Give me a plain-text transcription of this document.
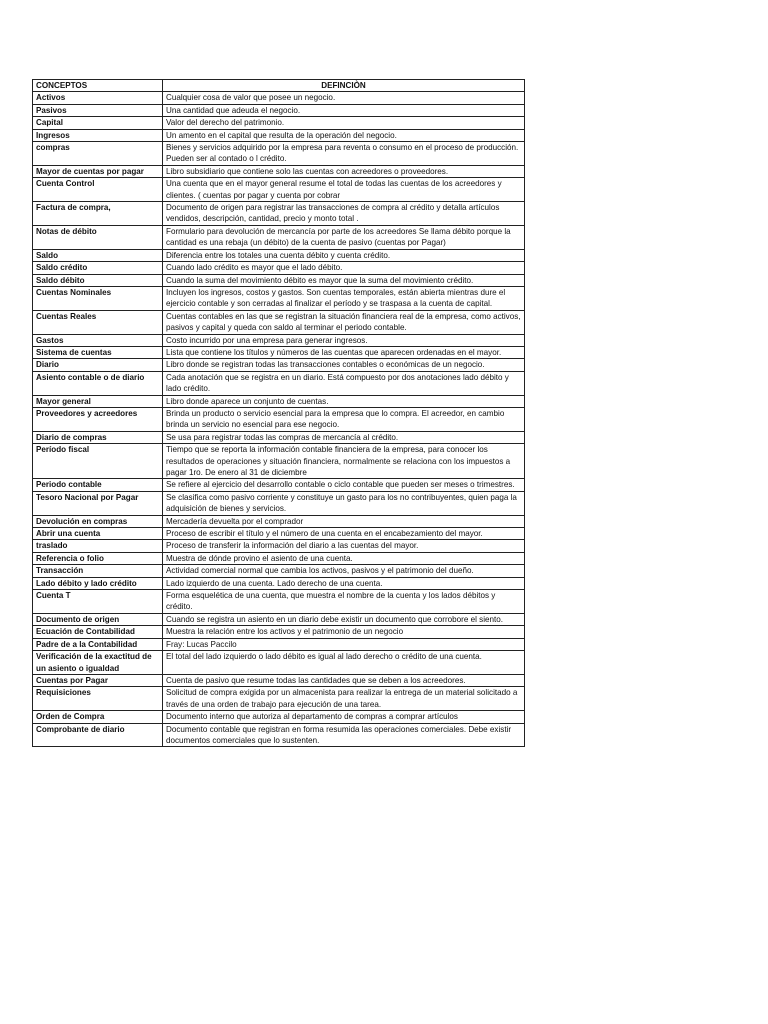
CONCEPTOS	DEFINCIÒN
Activos	Cualquier cosa de valor que posee un negocio.
Pasivos	Una cantidad que adeuda el negocio.
Capital	Valor del derecho del patrimonio.
Ingresos	Un amento en el capital que resulta de la operación del negocio.
compras	Bienes y servicios adquirido por la empresa para reventa o consumo en el proceso de producción. Pueden ser al contado o l crédito.
Mayor de cuentas por pagar	Libro subsidiario que contiene solo las cuentas con acreedores o proveedores.
Cuenta Control	Una cuenta que en el mayor general resume el total de todas las cuentas de los acreedores y clientes. ( cuentas por pagar y cuenta por cobrar
Factura de compra,	Documento de origen para registrar las transacciones de compra al crédito y detalla artículos vendidos, descripción, cantidad, precio y monto total .
Notas de débito	Formulario para devolución de mercancía por parte de los acreedores Se llama débito porque la cantidad es una rebaja (un débito) de la cuenta de pasivo (cuentas por Pagar)
Saldo	Diferencia entre los totales una cuenta débito y cuenta crédito.
Saldo crédito	Cuando lado crédito es mayor que el lado débito.
Saldo débito	Cuando la suma del movimiento débito es mayor que la suma del movimiento crédito.
Cuentas Nominales	Incluyen los ingresos, costos y gastos. Son cuentas temporales, están abierta mientras dure el ejercicio contable y son cerradas al finalizar el período y se traspasa a la cuenta de capital.
Cuentas Reales	Cuentas contables en las que se registran la situación financiera real de la empresa, como activos, pasivos y capital y queda con saldo al terminar el periodo contable.
Gastos	Costo incurrido por una empresa para generar ingresos.
Sistema de cuentas	Lista que contiene los títulos y números de las cuentas que aparecen ordenadas en el mayor.
Diario	Libro donde se registran todas las transacciones contables o económicas de un negocio.
Asiento contable o de diario	Cada anotación que se registra en un diario. Está compuesto por dos anotaciones lado débito y lado crédito.
Mayor general	Libro donde aparece un conjunto de cuentas.
Proveedores y acreedores	Brinda un producto o servicio esencial para la empresa que lo compra. El acreedor, en cambio brinda un servicio no esencial para ese negocio.
Diario de compras	Se usa para registrar todas las compras de mercancía al crédito.
Período fiscal	Tiempo que se reporta la información contable financiera de la empresa, para conocer los resultados de operaciones y situación financiera, normalmente se relaciona con los impuestos a pagar 1ro. De enero al 31 de diciembre
Periodo contable	Se refiere al ejercicio del desarrollo contable o ciclo contable que pueden ser meses o trimestres.
Tesoro Nacional por Pagar	Se clasifica como pasivo corriente y constituye un gasto para los no contribuyentes, quien paga la adquisición de bienes y servicios.
Devolución en compras	Mercadería devuelta por el comprador
Abrir una cuenta	Proceso de escribir el título y el número de una cuenta en el encabezamiento del mayor.
traslado	Proceso de transferir la información del diario a las cuentas del mayor.
Referencia o folio	Muestra de dónde provino el asiento de una cuenta.
Transacción	Actividad comercial normal que cambia los activos, pasivos y el patrimonio del dueño.
Lado débito y lado crédito	Lado izquierdo de una cuenta. Lado derecho de una cuenta.
Cuenta T	Forma esquelética de una cuenta, que muestra el nombre de la cuenta y los lados débitos y crédito.
Documento de origen	Cuando se registra un asiento en un diario debe existir un documento que corrobore el siento.
Ecuación de Contabilidad	Muestra la relación entre los activos y el patrimonio de un negocio
Padre de a la Contabilidad	Fray: Lucas Paccilo
Verificación de la exactitud de un asiento o igualdad	El total del lado izquierdo o lado débito es igual al lado derecho o crédito de una cuenta.
Cuentas por Pagar	Cuenta de pasivo que resume todas las cantidades que se deben a los acreedores.
Requisiciones	Solicitud de compra exigida por un almacenista para realizar la entrega de un material solicitado a través de una orden de trabajo para ejecución de una tarea.
Orden de Compra	Documento interno que autoriza al departamento de compras a comprar artículos
Comprobante de diario	Documento contable que registran en forma resumida las operaciones comerciales. Debe existir documentos comerciales que lo sustenten.
